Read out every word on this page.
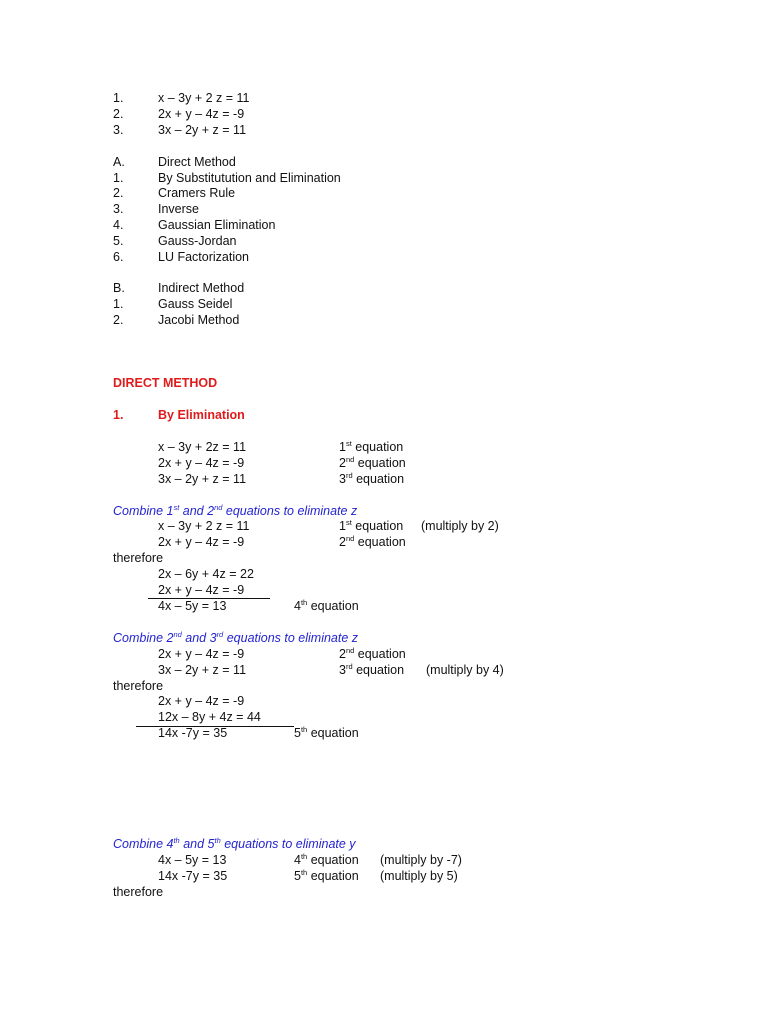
1.	x – 3y + 2 z = 11
2.	2x + y – 4z = -9
3.	3x – 2y + z = 11
A.	Direct Method
1.	By Substitutution and Elimination
2.	Cramers Rule
3.	Inverse
4.	Gaussian Elimination
5.	Gauss-Jordan
6.	LU Factorization
B.	Indirect Method
1.	Gauss Seidel
2.	Jacobi Method
DIRECT METHOD
1.	By Elimination
x – 3y + 2z = 11	1st equation
2x + y – 4z = -9	2nd equation
3x – 2y + z = 11	3rd equation
Combine 1st and 2nd equations to eliminate z
x – 3y + 2 z = 11	1st equation (multiply by 2)
2x + y – 4z = -9	2nd equation
therefore
2x – 6y + 4z = 22
2x + y – 4z = -9
4x – 5y = 13	4th equation
Combine 2nd and 3rd equations to eliminate z
2x + y – 4z = -9	2nd equation
3x – 2y + z = 11	3rd equation (multiply by 4)
therefore
2x + y – 4z = -9
12x – 8y + 4z = 44
14x -7y = 35	5th equation
Combine 4th and 5th equations to eliminate y
4x – 5y = 13	4th equation (multiply by -7)
14x -7y = 35	5th equation (multiply by 5)
therefore
